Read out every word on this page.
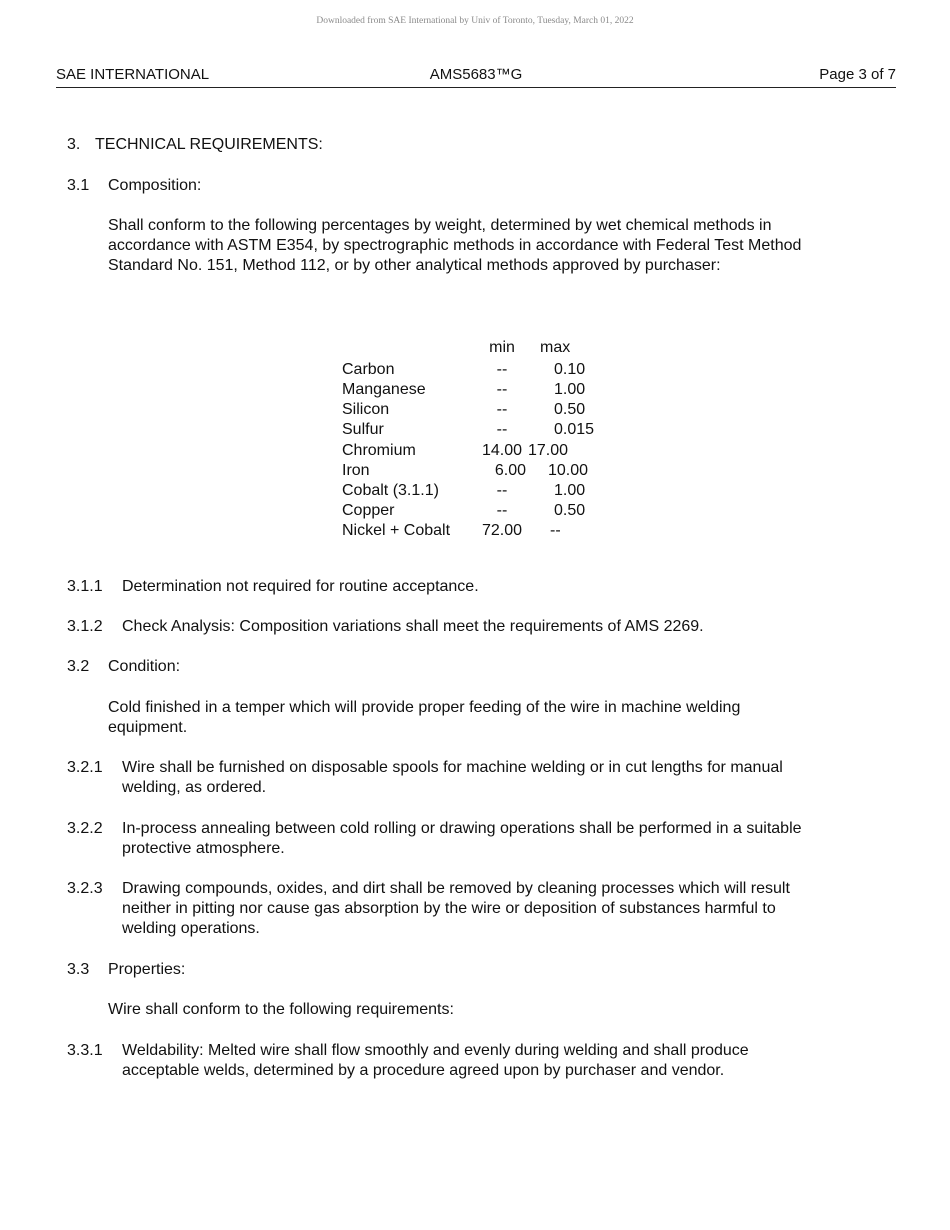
Downloaded from SAE International by Univ of Toronto, Tuesday, March 01, 2022
SAE INTERNATIONAL	AMS5683™G	Page 3 of 7
3. TECHNICAL REQUIREMENTS:
3.1 Composition:
Shall conform to the following percentages by weight, determined by wet chemical methods in
accordance with ASTM E354, by spectrographic methods in accordance with Federal Test Method
Standard No. 151, Method 112, or by other analytical methods approved by purchaser:
	min	max
Carbon	--	0.10
Manganese	--	1.00
Silicon	--	0.50
Sulfur	--	0.015
Chromium	14.00	17.00
Iron	6.00	10.00
Cobalt (3.1.1)	--	1.00
Copper	--	0.50
Nickel + Cobalt	72.00	--
3.1.1 Determination not required for routine acceptance.
3.1.2 Check Analysis: Composition variations shall meet the requirements of AMS 2269.
3.2 Condition:
Cold finished in a temper which will provide proper feeding of the wire in machine welding
equipment.
3.2.1 Wire shall be furnished on disposable spools for machine welding or in cut lengths for manual
welding, as ordered.
3.2.2 In-process annealing between cold rolling or drawing operations shall be performed in a suitable
protective atmosphere.
3.2.3 Drawing compounds, oxides, and dirt shall be removed by cleaning processes which will result
neither in pitting nor cause gas absorption by the wire or deposition of substances harmful to
welding operations.
3.3 Properties:
Wire shall conform to the following requirements:
3.3.1 Weldability: Melted wire shall flow smoothly and evenly during welding and shall produce
acceptable welds, determined by a procedure agreed upon by purchaser and vendor.
